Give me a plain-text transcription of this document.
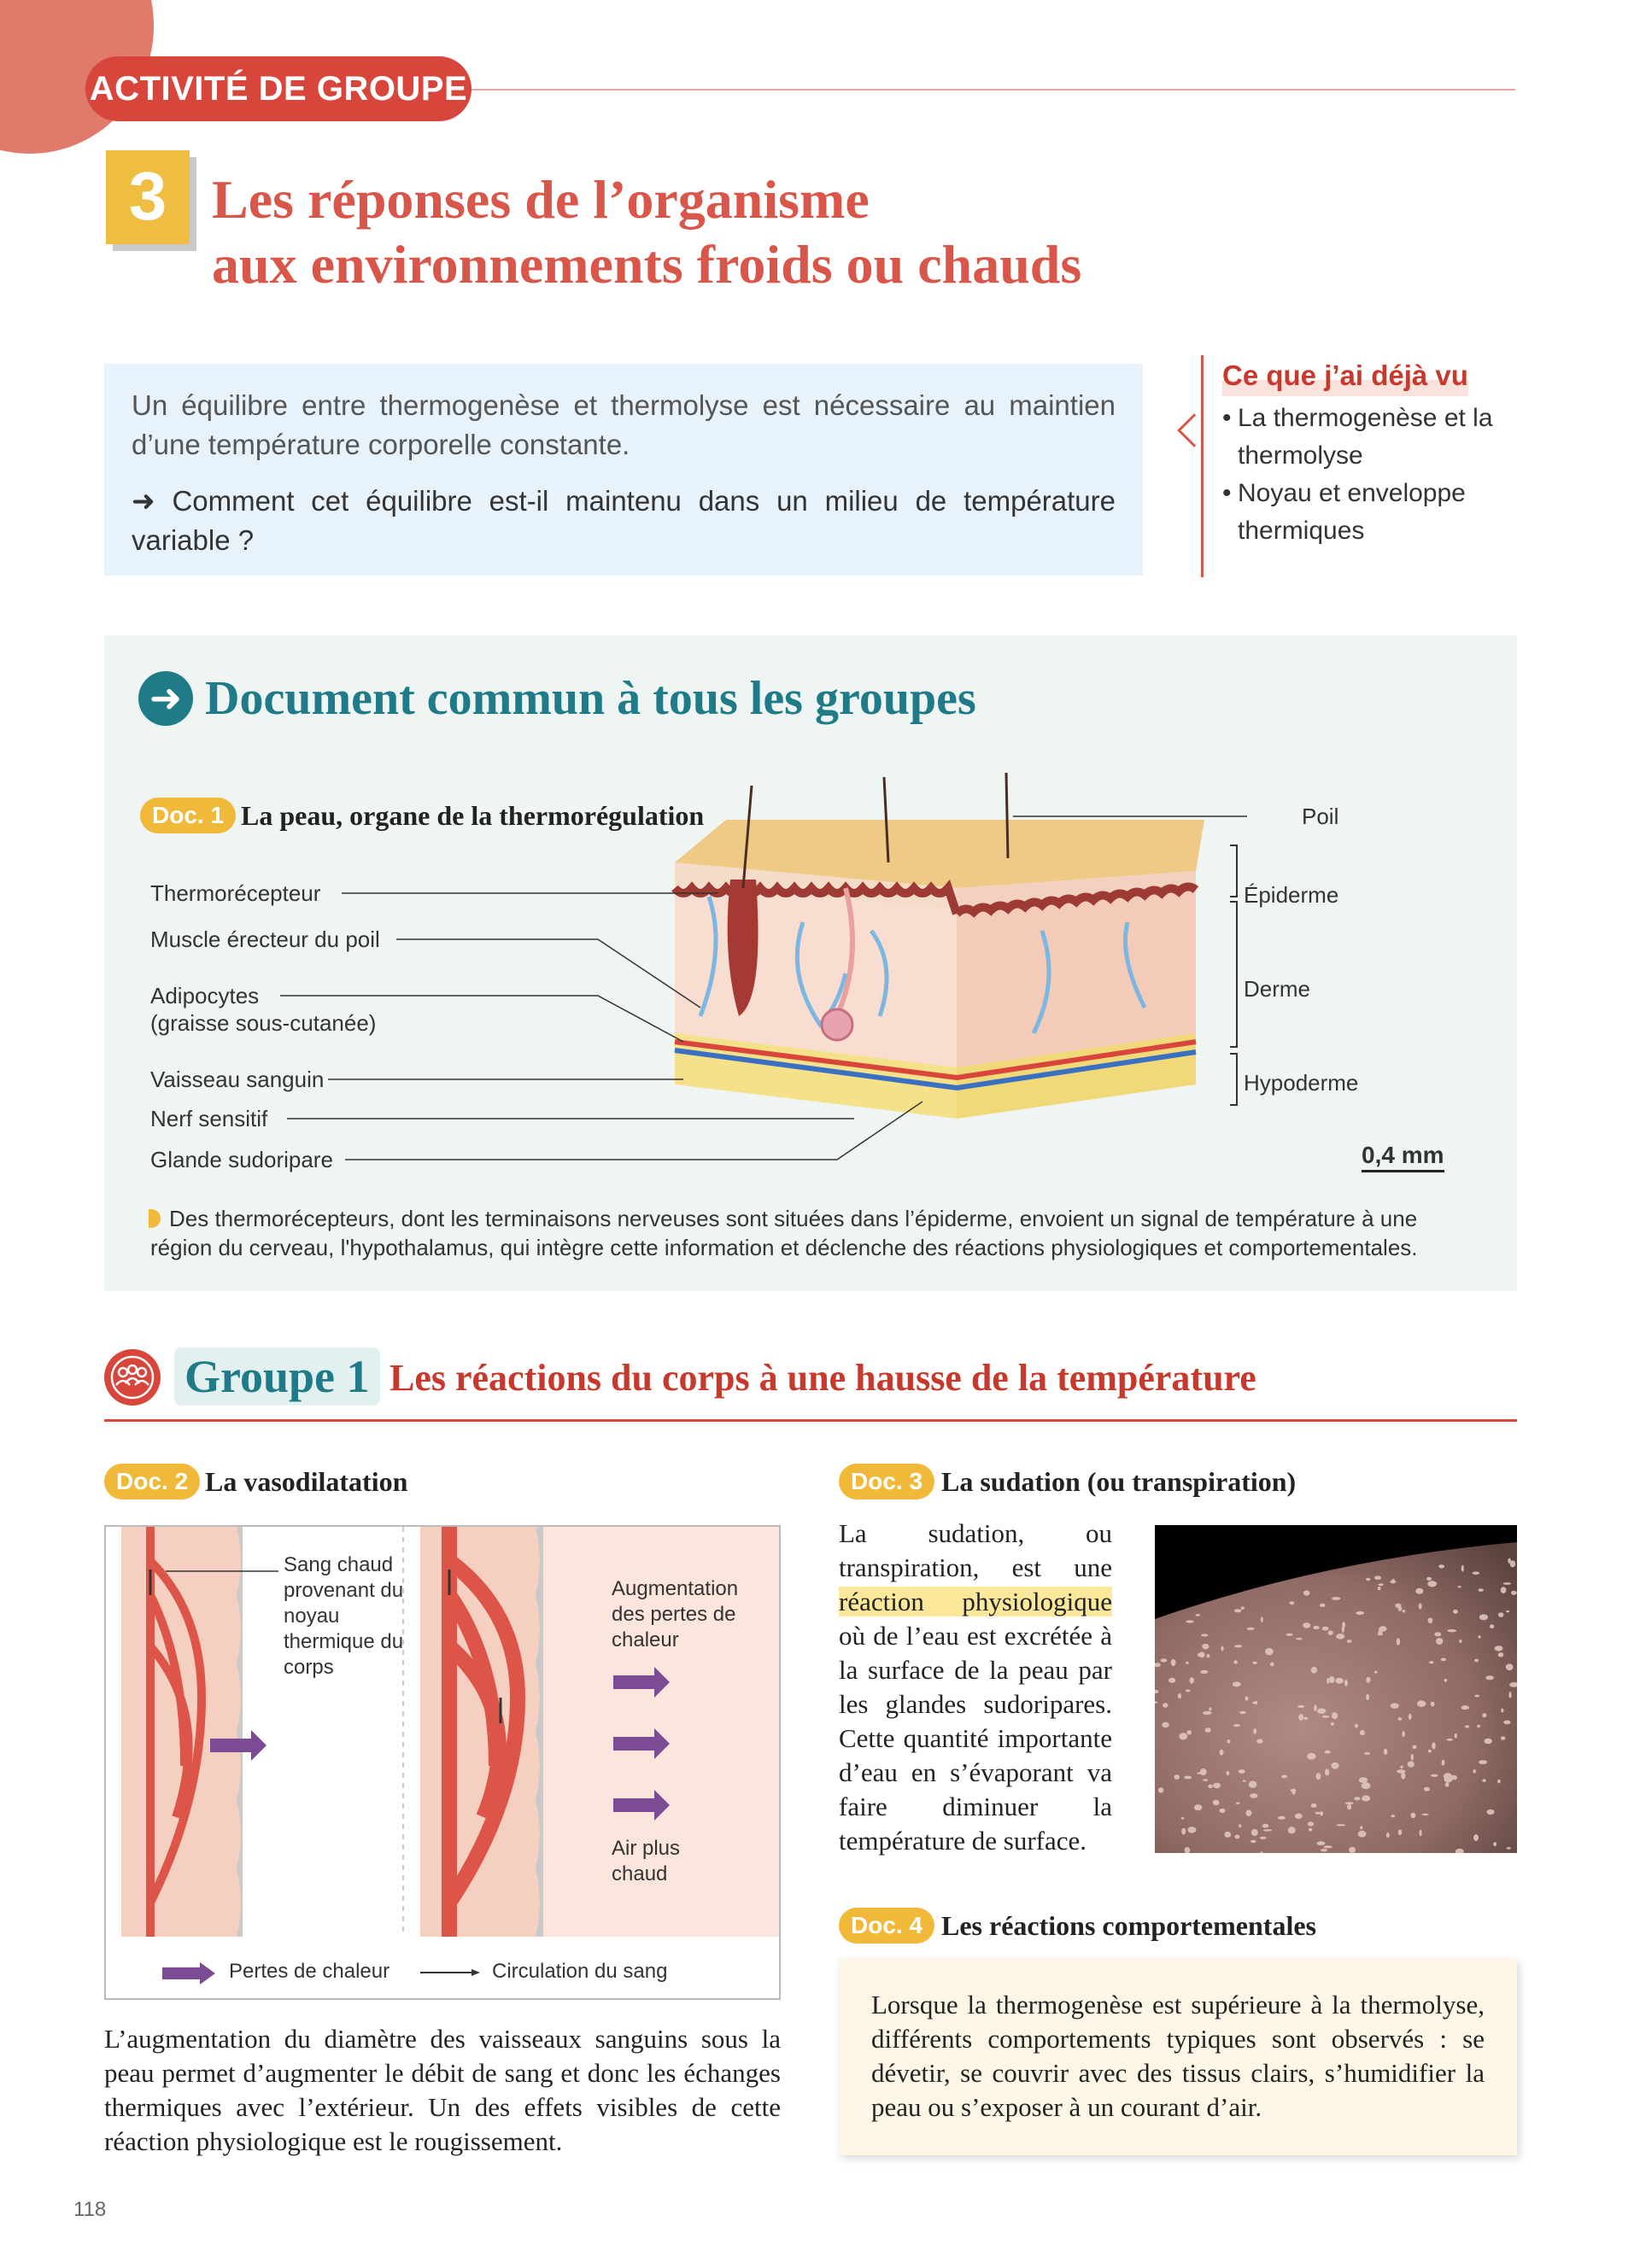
ACTIVITÉ DE GROUPE
3 Les réponses de l’organisme
aux environnements froids ou chauds

Un équilibre entre thermogenèse et thermolyse est nécessaire au maintien d’une température corporelle constante.

➜ Comment cet équilibre est-il maintenu dans un milieu de température variable ?

Ce que j’ai déjà vu
• La thermogenèse et la thermolyse
• Noyau et enveloppe thermiques
➜ Document commun à tous les groupes
Doc. 1 La peau, organe de la thermorégulation
Thermorécepteur
Muscle érecteur du poil
Adipocytes
(graisse sous-cutanée)
Vaisseau sanguin
Nerf sensitif
Glande sudoripare
Poil
Épiderme
Derme
Hypoderme
0,4 mm
Des thermorécepteurs, dont les terminaisons nerveuses sont situées dans l’épiderme, envoient un signal de température à une région du cerveau, l'hypothalamus, qui intègre cette information et déclenche des réactions physiologiques et comportementales.
Groupe 1 Les réactions du corps à une hausse de la température
Doc. 2 La vasodilatation
Sang chaud provenant du noyau thermique du corps
Augmentation des pertes de chaleur
Air plus chaud
Pertes de chaleur	Circulation du sang
L’augmentation du diamètre des vaisseaux sanguins sous la peau permet d’augmenter le débit de sang et donc les échanges thermiques avec l’extérieur. Un des effets visibles de cette réaction physiologique est le rougissement.
Doc. 3 La sudation (ou transpiration)
La sudation, ou transpiration, est une réaction physiologique où de l’eau est excrétée à la surface de la peau par les glandes sudoripares. Cette quantité importante d’eau en s’évaporant va faire diminuer la température de surface.
Doc. 4 Les réactions comportementales

Lorsque la thermogenèse est supérieure à la thermolyse, différents comportements typiques sont observés : se dévetir, se couvrir avec des tissus clairs, s’humidifier la peau ou s’exposer à un courant d’air.

118
